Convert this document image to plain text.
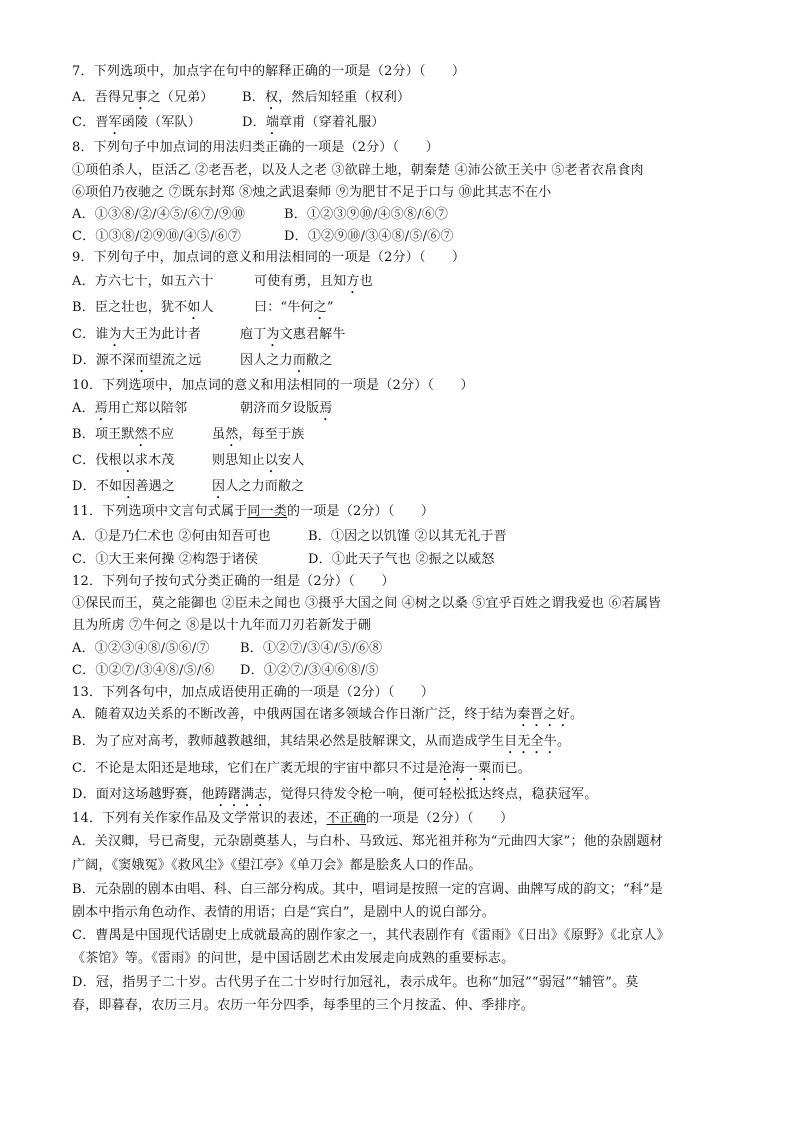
7．下列选项中，加点字在句中的解释正确的一项是（2分）（　　）
A．吾得兄事之（兄弟） B．权，然后知轻重（权利）
C．晋军函陵（军队）	D．端章甫（穿着礼服）
8．下列句子中加点词的用法归类正确的一项是（2分）（　　）
①项伯杀人，臣活乙 ②老吾老，以及人之老 ③欲辟土地，朝秦楚 ④沛公欲王关中 ⑤老者衣帛食肉
⑥项伯乃夜驰之 ⑦既东封郑 ⑧烛之武退秦师 ⑨为肥甘不足于口与 ⑩此其志不在小
A．①③⑧/②/④⑤/⑥⑦/⑨⑩	B．①②③⑨⑩/④⑤⑧/⑥⑦
C．①③⑧/②⑨⑩/④⑤/⑥⑦	D．①②⑨⑩/③④⑧/⑤/⑥⑦
9．下列句子中，加点词的意义和用法相同的一项是（2分）（　　）
A．方六七十，如五六十	可使有勇，且知方也
B．臣之壮也，犹不如人	曰：“牛何之”
C．谁为大王为此计者	庖丁为文惠君解牛
D．源不深而望流之远	因人之力而敝之
10．下列选项中，加点词的意义和用法相同的一项是（2分）（　　）
A．焉用亡郑以陪邻	朝济而夕设版焉
B．项王默然不应	虽然，每至于族
C．伐根以求木茂	则思知止以安人
D．不如因善遇之	因人之力而敝之
11．下列选项中文言句式属于同一类的一项是（2分）（　　）
A．①是乃仁术也 ②何由知吾可也	B．①因之以饥馑 ②以其无礼于晋
C．①大王来何操 ②构怨于诸侯	D．①此天子气也 ②振之以威怒
12．下列句子按句式分类正确的一组是（2分）（　　）
①保民而王，莫之能御也 ②臣未之闻也 ③摄乎大国之间 ④树之以桑 ⑤宜乎百姓之谓我爱也 ⑥若属皆
且为所虏 ⑦牛何之 ⑧是以十九年而刀刃若新发于硎
A．①②③④⑧/⑤⑥/⑦ B．①②⑦/③④/⑤/⑥⑧
C．①②⑦/③④⑧/⑤/⑥ D．①②⑦/③④⑥⑧/⑤
13．下列各句中，加点成语使用正确的一项是（2分）（　　）
A．随着双边关系的不断改善，中俄两国在诸多领域合作日渐广泛，终于结为秦晋之好。
B．为了应对高考，教师越教越细，其结果必然是肢解课文，从而造成学生目无全牛。
C．不论是太阳还是地球，它们在广袤无垠的宇宙中都只不过是沧海一粟而已。
D．面对这场越野赛，他踌躇满志，觉得只待发令枪一响，便可轻松抵达终点，稳获冠军。
14．下列有关作家作品及文学常识的表述，不正确的一项是（2分）（　　）
A．关汉卿，号已斋叟，元杂剧奠基人，与白朴、马致远、郑光祖并称为“元曲四大家”；他的杂剧题材
广阔，《窦娥冤》《救风尘》《望江亭》《单刀会》都是脍炙人口的作品。
B．元杂剧的剧本由唱、科、白三部分构成。其中，唱词是按照一定的宫调、曲牌写成的韵文；“科”是
剧本中指示角色动作、表情的用语；白是“宾白”，是剧中人的说白部分。
C．曹禺是中国现代话剧史上成就最高的剧作家之一，其代表剧作有《雷雨》《日出》《原野》《北京人》
《茶馆》等。《雷雨》的问世，是中国话剧艺术由发展走向成熟的重要标志。
D．冠，指男子二十岁。古代男子在二十岁时行加冠礼，表示成年。也称“加冠”“弱冠”“辅管”。莫
春，即暮春，农历三月。农历一年分四季，每季里的三个月按孟、仲、季排序。
